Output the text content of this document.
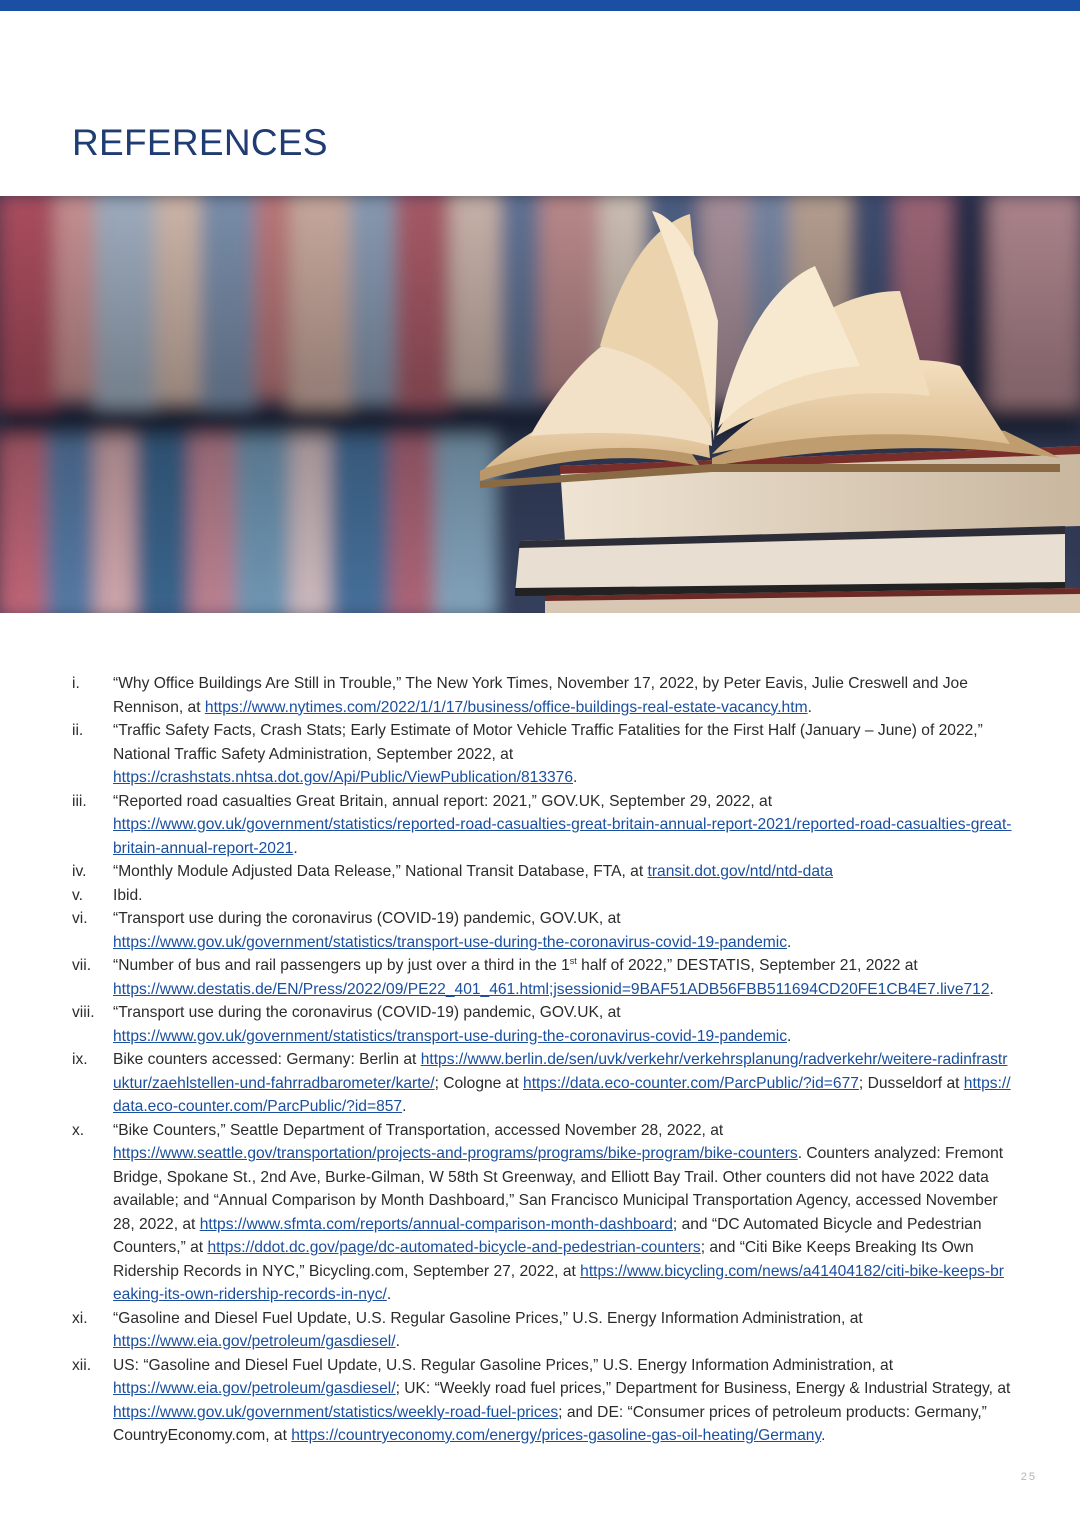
REFERENCES
i. “Why Office Buildings Are Still in Trouble,” The New York Times, November 17, 2022, by Peter Eavis, Julie Creswell and Joe Rennison, at https://www.nytimes.com/2022/1/1/17/business/office-buildings-real-estate-vacancy.htm.
ii. “Traffic Safety Facts, Crash Stats; Early Estimate of Motor Vehicle Traffic Fatalities for the First Half (January – June) of 2022,” National Traffic Safety Administration, September 2022, at
https://crashstats.nhtsa.dot.gov/Api/Public/ViewPublication/813376.
iii. “Reported road casualties Great Britain, annual report: 2021,” GOV.UK, September 29, 2022, at
https://www.gov.uk/government/statistics/reported-road-casualties-great-britain-annual-report-2021/reported-road-casualties-great-britain-annual-report-2021.
iv. “Monthly Module Adjusted Data Release,” National Transit Database, FTA, at transit.dot.gov/ntd/ntd-data
v. Ibid.
vi. “Transport use during the coronavirus (COVID-19) pandemic, GOV.UK, at
https://www.gov.uk/government/statistics/transport-use-during-the-coronavirus-covid-19-pandemic.
vii. “Number of bus and rail passengers up by just over a third in the 1st half of 2022,” DESTATIS, September 21, 2022 at
https://www.destatis.de/EN/Press/2022/09/PE22_401_461.html;jsessionid=9BAF51ADB56FBB511694CD20FE1CB4E7.live712.
viii. “Transport use during the coronavirus (COVID-19) pandemic, GOV.UK, at
https://www.gov.uk/government/statistics/transport-use-during-the-coronavirus-covid-19-pandemic.
ix. Bike counters accessed: Germany: Berlin at https://www.berlin.de/sen/uvk/verkehr/verkehrsplanung/radverkehr/weitere-radinfrastruktur/zaehlstellen-und-fahrradbarometer/karte/; Cologne at https://data.eco-counter.com/ParcPublic/?id=677; Dusseldorf at https://data.eco-counter.com/ParcPublic/?id=857.
x. “Bike Counters,” Seattle Department of Transportation, accessed November 28, 2022, at
https://www.seattle.gov/transportation/projects-and-programs/programs/bike-program/bike-counters. Counters analyzed: Fremont Bridge, Spokane St., 2nd Ave, Burke-Gilman, W 58th St Greenway, and Elliott Bay Trail. Other counters did not have 2022 data available; and “Annual Comparison by Month Dashboard,” San Francisco Municipal Transportation Agency, accessed November 28, 2022, at https://www.sfmta.com/reports/annual-comparison-month-dashboard; and “DC Automated Bicycle and Pedestrian Counters,” at https://ddot.dc.gov/page/dc-automated-bicycle-and-pedestrian-counters; and “Citi Bike Keeps Breaking Its Own Ridership Records in NYC,” Bicycling.com, September 27, 2022, at https://www.bicycling.com/news/a41404182/citi-bike-keeps-breaking-its-own-ridership-records-in-nyc/.
xi. “Gasoline and Diesel Fuel Update, U.S. Regular Gasoline Prices,” U.S. Energy Information Administration, at
https://www.eia.gov/petroleum/gasdiesel/.
xii. US: “Gasoline and Diesel Fuel Update, U.S. Regular Gasoline Prices,” U.S. Energy Information Administration, at
https://www.eia.gov/petroleum/gasdiesel/; UK: “Weekly road fuel prices,” Department for Business, Energy & Industrial Strategy, at https://www.gov.uk/government/statistics/weekly-road-fuel-prices; and DE: “Consumer prices of petroleum products: Germany,” CountryEconomy.com, at https://countryeconomy.com/energy/prices-gasoline-gas-oil-heating/Germany.
25
